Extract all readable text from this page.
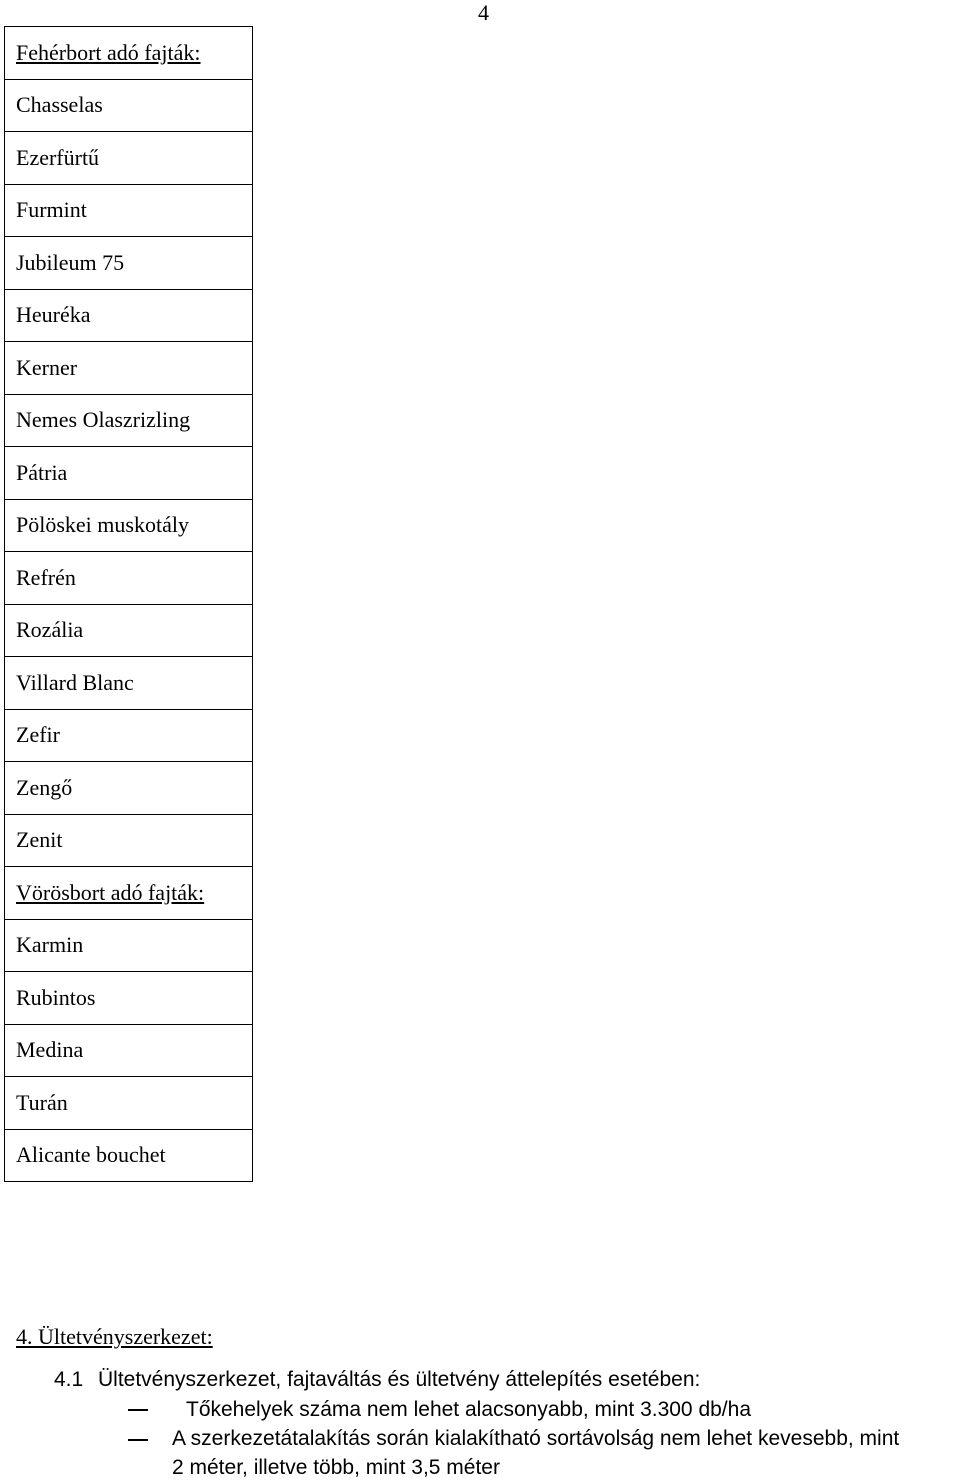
4
Fehérbort adó fajták:
Chasselas
Ezerfürtű
Furmint
Jubileum 75
Heuréka
Kerner
Nemes Olaszrizling
Pátria
Pölöskei muskotály
Refrén
Rozália
Villard Blanc
Zefir
Zengő
Zenit
Vörösbort adó fajták:
Karmin
Rubintos
Medina
Turán
Alicante bouchet
4. Ültetvényszerkezet:
4.1 Ültetvényszerkezet, fajtaváltás és ültetvény áttelepítés esetében:
Tőkehelyek száma nem lehet alacsonyabb, mint 3.300 db/ha
A szerkezetátalakítás során kialakítható sortávolság nem lehet kevesebb, mint
2 méter, illetve több, mint 3,5 méter
